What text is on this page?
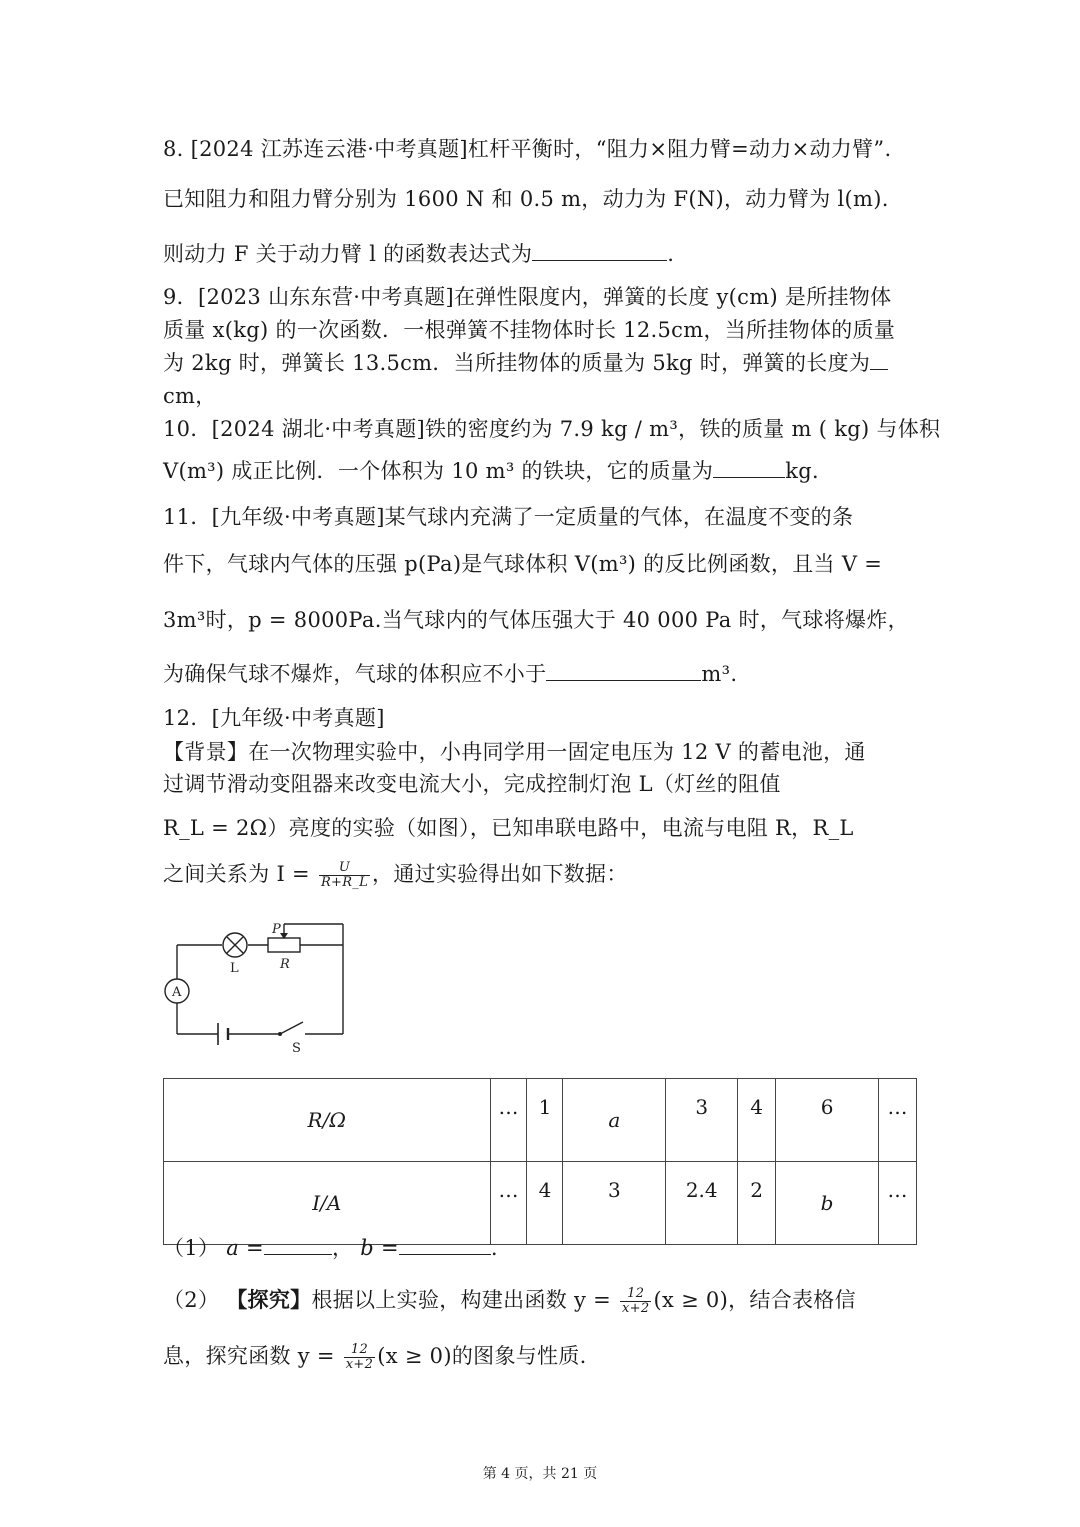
8. [2024 江苏连云港·中考真题]杠杆平衡时，“阻力×阻力臂=动力×动力臂”.
已知阻力和阻力臂分别为 1600 N 和 0.5 m，动力为 F(N)，动力臂为 l(m).
则动力 F 关于动力臂 l 的函数表达式为	.
9．[2023 山东东营·中考真题]在弹性限度内，弹簧的长度 y(cm) 是所挂物体
质量 x(kg) 的一次函数．一根弹簧不挂物体时长 12.5cm，当所挂物体的质量
为 2kg 时，弹簧长 13.5cm．当所挂物体的质量为 5kg 时，弹簧的长度为
cm，
10．[2024 湖北·中考真题]铁的密度约为 7.9 kg / m³，铁的质量 m ( kg) 与体积
V(m³) 成正比例．一个体积为 10 m³ 的铁块，它的质量为	kg．
11．[九年级·中考真题]某气球内充满了一定质量的气体，在温度不变的条
件下，气球内气体的压强 p(Pa)是气球体积 V(m³) 的反比例函数，且当 V =
3m³时，p = 8000Pa.当气球内的气体压强大于 40 000 Pa 时，气球将爆炸，
为确保气球不爆炸，气球的体积应不小于	m³.
12．[九年级·中考真题]
【背景】在一次物理实验中，小冉同学用一固定电压为 12 V 的蓄电池，通
过调节滑动变阻器来改变电流大小，完成控制灯泡 L（灯丝的阻值
R_L = 2Ω）亮度的实验（如图），已知串联电路中，电流与电阻 R，R_L
之间关系为 $I = \frac{U}{R+R\_L}$ ，通过实验得出如下数据：
P
L	R
A
S
R/Ω	…	1	a	3	4	6	…
I/A	…	4	3	2.4	2	b	…
（1） a =	， b =	.
（2） 【探究】根据以上实验，构建出函数 $y = \frac{12}{x+2} (x \ge 0)$，结合表格信
息，探究函数 $y = \frac{12}{x+2} (x \ge 0)$的图象与性质.
第 4 页，共 21 页
